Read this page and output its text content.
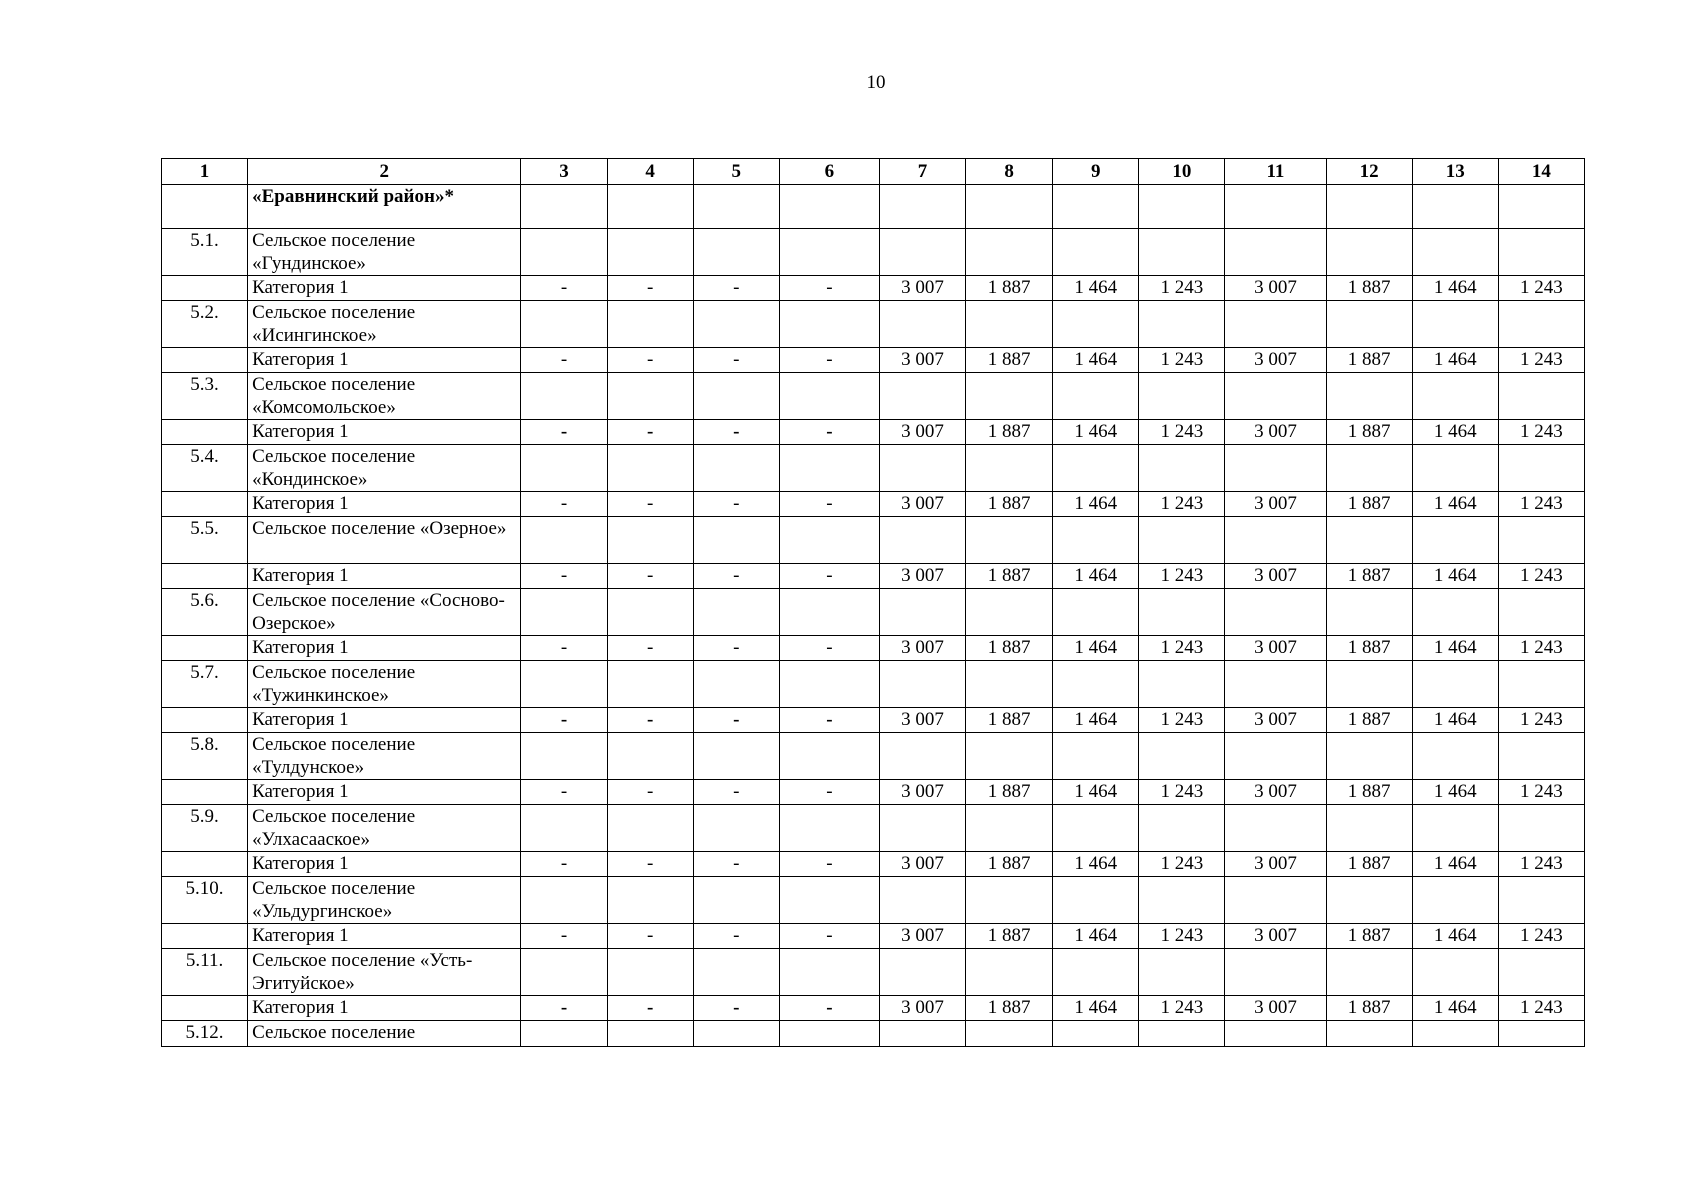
10
1	2	3	4	5	6	7	8	9	10	11	12	13	14
	«Еравнинский район»*												
5.1.	Сельское поселение «Гундинское»												
	Категория 1	-	-	-	-	3 007	1 887	1 464	1 243	3 007	1 887	1 464	1 243
5.2.	Сельское поселение «Исингинское»												
	Категория 1	-	-	-	-	3 007	1 887	1 464	1 243	3 007	1 887	1 464	1 243
5.3.	Сельское поселение «Комсомольское»												
	Категория 1	-	-	-	-	3 007	1 887	1 464	1 243	3 007	1 887	1 464	1 243
5.4.	Сельское поселение «Кондинское»												
	Категория 1	-	-	-	-	3 007	1 887	1 464	1 243	3 007	1 887	1 464	1 243
5.5.	Сельское поселение «Озерное»												
	Категория 1	-	-	-	-	3 007	1 887	1 464	1 243	3 007	1 887	1 464	1 243
5.6.	Сельское поселение «Сосново-Озерское»												
	Категория 1	-	-	-	-	3 007	1 887	1 464	1 243	3 007	1 887	1 464	1 243
5.7.	Сельское поселение «Тужинкинское»												
	Категория 1	-	-	-	-	3 007	1 887	1 464	1 243	3 007	1 887	1 464	1 243
5.8.	Сельское поселение «Тулдунское»												
	Категория 1	-	-	-	-	3 007	1 887	1 464	1 243	3 007	1 887	1 464	1 243
5.9.	Сельское поселение «Улхасаaское»												
	Категория 1	-	-	-	-	3 007	1 887	1 464	1 243	3 007	1 887	1 464	1 243
5.10.	Сельское поселение «Ульдургинское»												
	Категория 1	-	-	-	-	3 007	1 887	1 464	1 243	3 007	1 887	1 464	1 243
5.11.	Сельское поселение «Усть-Эгитуйское»												
	Категория 1	-	-	-	-	3 007	1 887	1 464	1 243	3 007	1 887	1 464	1 243
5.12.	Сельское поселение												
